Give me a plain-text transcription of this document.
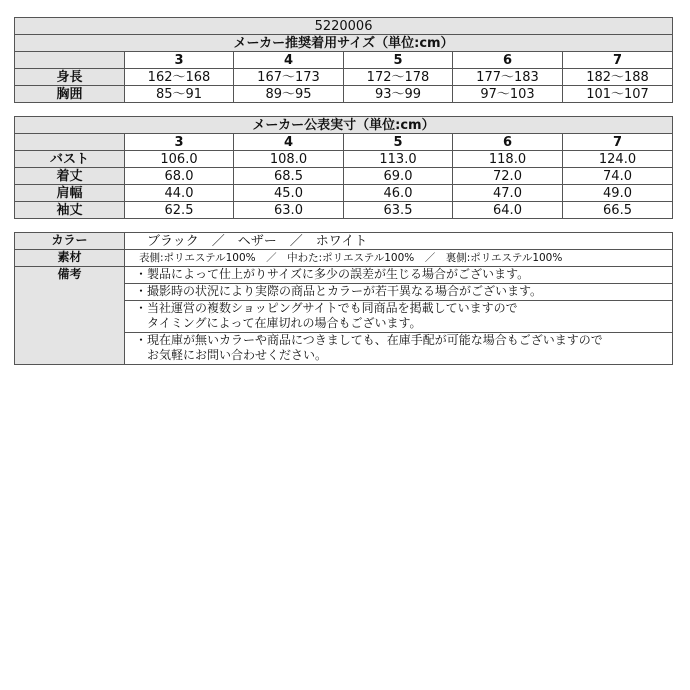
5220006					
メーカー推奨着用サイズ（単位:cm）					
	3	4	5	6	7
身長	162～168	167～173	172～178	177～183	182～188
胸囲	85～91	89～95	93～99	97～103	101～107
メーカー公表実寸（単位:cm）					
	3	4	5	6	7
バスト	106.0	108.0	113.0	118.0	124.0
着丈	68.0	68.5	69.0	72.0	74.0
肩幅	44.0	45.0	46.0	47.0	49.0
袖丈	62.5	63.0	63.5	64.0	66.5
カラー	ブラック　／　ヘザー　／　ホワイト
素材	表側:ポリエステル100%　／　中わた:ポリエステル100%　／　裏側:ポリエステル100%
備考	・製品によって仕上がりサイズに多少の誤差が生じる場合がございます。
	・撮影時の状況により実際の商品とカラーが若干異なる場合がございます。

	・当社運営の複数ショッピングサイトでも同商品を掲載していますので
タイミングによって在庫切れの場合もございます。

	・現在庫が無いカラーや商品につきましても、在庫手配が可能な場合もございますので
お気軽にお問い合わせください。
